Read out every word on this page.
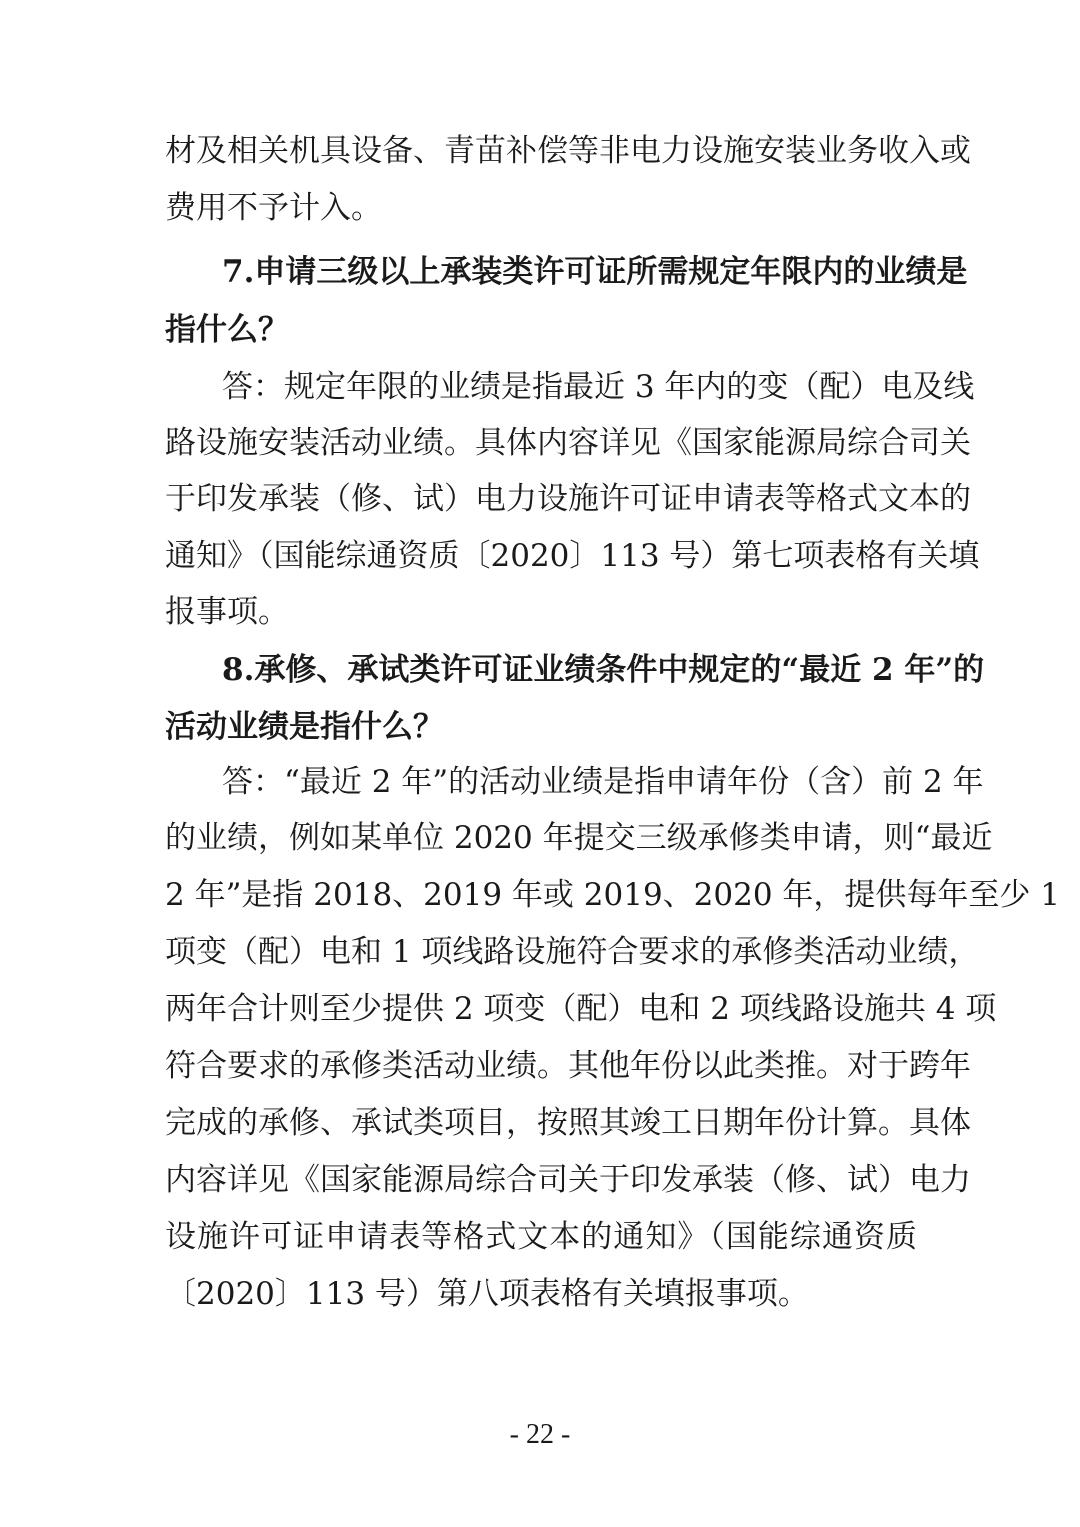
材及相关机具设备、青苗补偿等非电力设施安装业务收入或
费用不予计入。
7.申请三级以上承装类许可证所需规定年限内的业绩是
指什么？
答：规定年限的业绩是指最近 3 年内的变（配）电及线
路设施安装活动业绩。具体内容详见《国家能源局综合司关
于印发承装（修、试）电力设施许可证申请表等格式文本的
通知》（国能综通资质〔2020〕113 号）第七项表格有关填
报事项。
8.承修、承试类许可证业绩条件中规定的“最近 2 年”的
活动业绩是指什么？
答：“最近 2 年”的活动业绩是指申请年份（含）前 2 年
的业绩，例如某单位 2020 年提交三级承修类申请，则“最近
2 年”是指 2018、2019 年或 2019、2020 年，提供每年至少 1
项变（配）电和 1 项线路设施符合要求的承修类活动业绩，
两年合计则至少提供 2 项变（配）电和 2 项线路设施共 4 项
符合要求的承修类活动业绩。其他年份以此类推。对于跨年
完成的承修、承试类项目，按照其竣工日期年份计算。具体
内容详见《国家能源局综合司关于印发承装（修、试）电力
设施许可证申请表等格式文本的通知》（国能综通资质
〔2020〕113 号）第八项表格有关填报事项。
- 22 -
